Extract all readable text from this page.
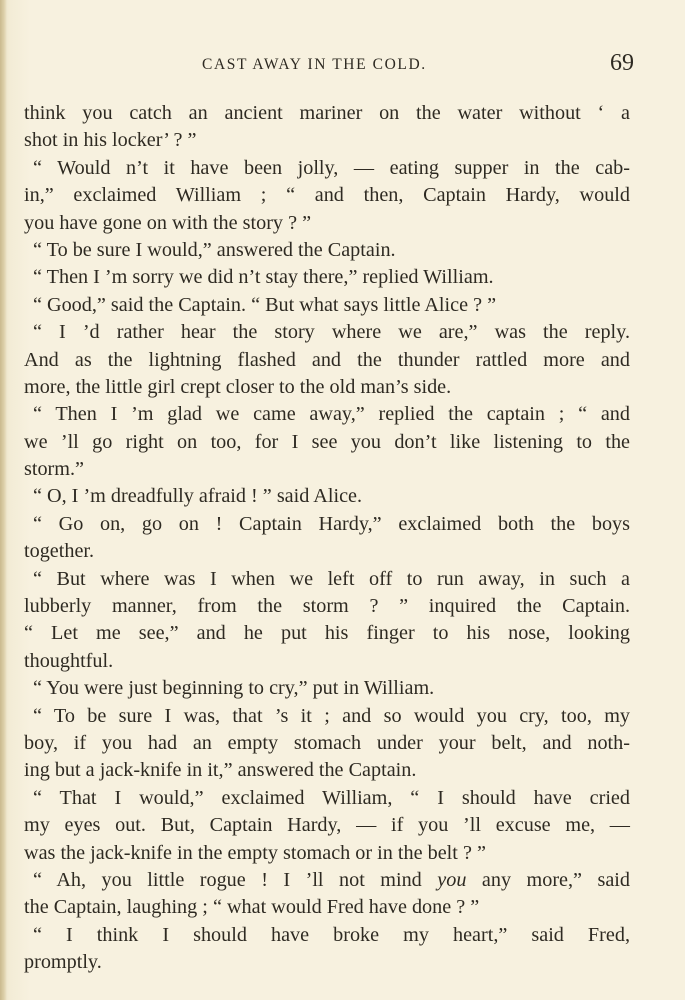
CAST AWAY IN THE COLD.	69
think you catch an ancient mariner on the water without ‘ a
shot in his locker’ ? ”
“ Would n’t it have been jolly, — eating supper in the cab-
in,” exclaimed William ; “ and then, Captain Hardy, would
you have gone on with the story ? ”
“ To be sure I would,” answered the Captain.
“ Then I ’m sorry we did n’t stay there,” replied William.
“ Good,” said the Captain. “ But what says little Alice ? ”
“ I ’d rather hear the story where we are,” was the reply.
And as the lightning flashed and the thunder rattled more and
more, the little girl crept closer to the old man’s side.
“ Then I ’m glad we came away,” replied the captain ; “ and
we ’ll go right on too, for I see you don’t like listening to the
storm.”
“ O, I ’m dreadfully afraid ! ” said Alice.
“ Go on, go on ! Captain Hardy,” exclaimed both the boys
together.
“ But where was I when we left off to run away, in such a
lubberly manner, from the storm ? ” inquired the Captain.
“ Let me see,” and he put his finger to his nose, looking
thoughtful.
“ You were just beginning to cry,” put in William.
“ To be sure I was, that ’s it ; and so would you cry, too, my
boy, if you had an empty stomach under your belt, and noth-
ing but a jack-knife in it,” answered the Captain.
“ That I would,” exclaimed William, “ I should have cried
my eyes out. But, Captain Hardy, — if you ’ll excuse me, —
was the jack-knife in the empty stomach or in the belt ? ”
“ Ah, you little rogue ! I ’ll not mind you any more,” said
the Captain, laughing ; “ what would Fred have done ? ”
“ I think I should have broke my heart,” said Fred,
promptly.
